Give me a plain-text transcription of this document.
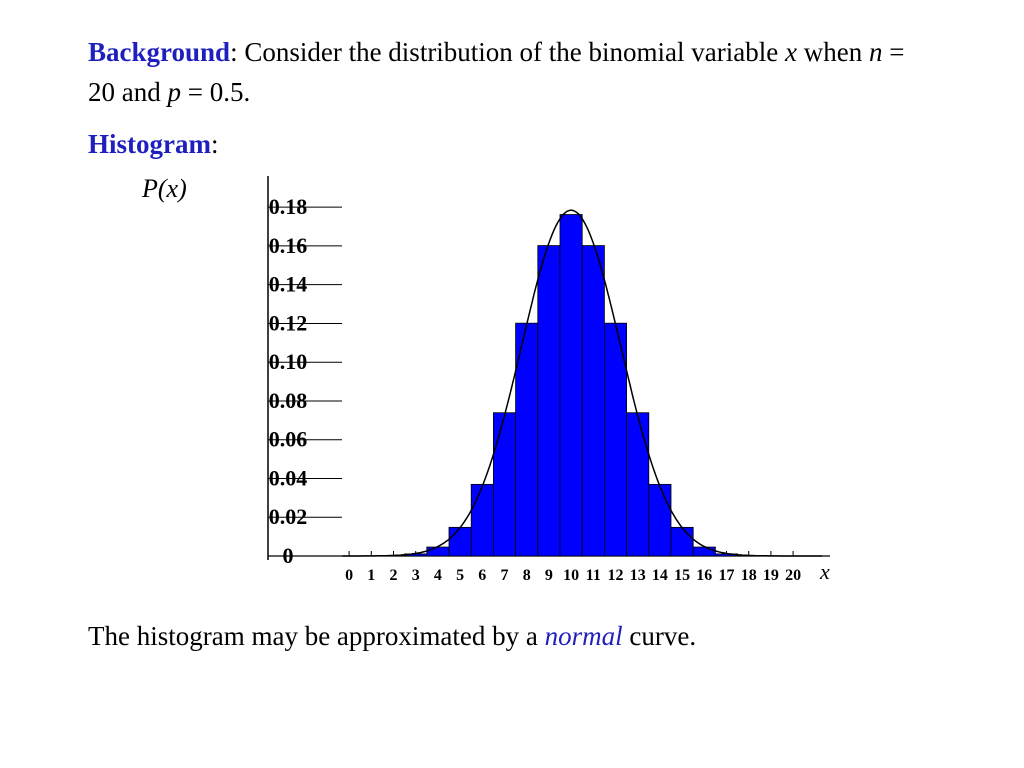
Background: Consider the distribution of the binomial variable x when n = 20 and p = 0.5.

Histogram:

0
0.02
0.04
0.06
0.08
0.10
0.12
0.14
0.16
0.18
0 1 2 3 4 5 6 7 8 9 10 11 12 13 14 15 16 17 18 19 20
P(x)
x

The histogram may be approximated by a normal curve.
